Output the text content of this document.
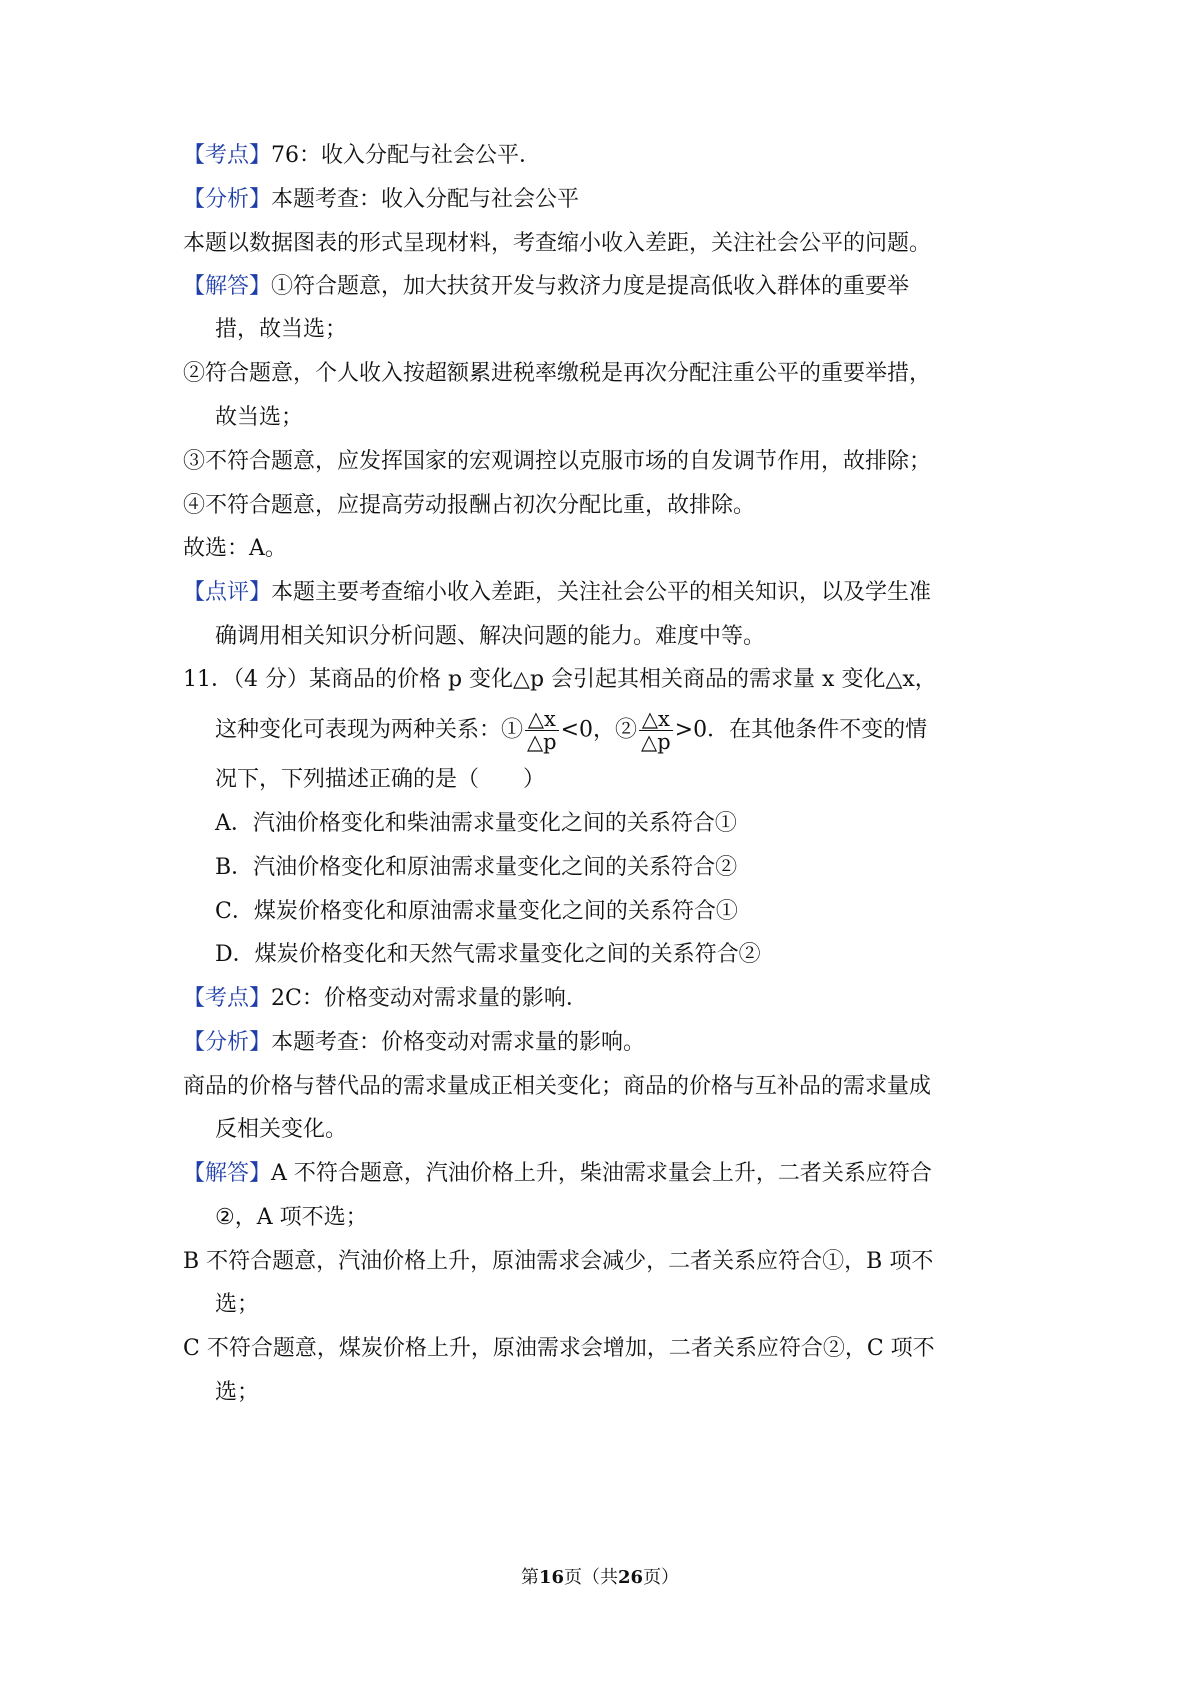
【考点】76：收入分配与社会公平．
【分析】本题考查：收入分配与社会公平
本题以数据图表的形式呈现材料，考查缩小收入差距，关注社会公平的问题。
【解答】①符合题意，加大扶贫开发与救济力度是提高低收入群体的重要举
措，故当选；
②符合题意，个人收入按超额累进税率缴税是再次分配注重公平的重要举措，
故当选；
③不符合题意，应发挥国家的宏观调控以克服市场的自发调节作用，故排除；
④不符合题意，应提高劳动报酬占初次分配比重，故排除。
故选：A。
【点评】本题主要考查缩小收入差距，关注社会公平的相关知识，以及学生准
确调用相关知识分析问题、解决问题的能力。难度中等。
11．（4 分）某商品的价格 p 变化△p 会引起其相关商品的需求量 x 变化△x，
这种变化可表现为两种关系：① $\frac{\triangle x}{\triangle p} <0$，② $\frac{\triangle x}{\triangle p} >0$．在其他条件不变的情
况下，下列描述正确的是（　　）
A．汽油价格变化和柴油需求量变化之间的关系符合①
B．汽油价格变化和原油需求量变化之间的关系符合②
C．煤炭价格变化和原油需求量变化之间的关系符合①
D．煤炭价格变化和天然气需求量变化之间的关系符合②
【考点】2C：价格变动对需求量的影响．
【分析】本题考查：价格变动对需求量的影响。
商品的价格与替代品的需求量成正相关变化；商品的价格与互补品的需求量成
反相关变化。
【解答】A 不符合题意，汽油价格上升，柴油需求量会上升，二者关系应符合
②，A 项不选；
B 不符合题意，汽油价格上升，原油需求会减少，二者关系应符合①，B 项不
选；
C 不符合题意，煤炭价格上升，原油需求会增加，二者关系应符合②，C 项不
选；
第16页（共26页）
